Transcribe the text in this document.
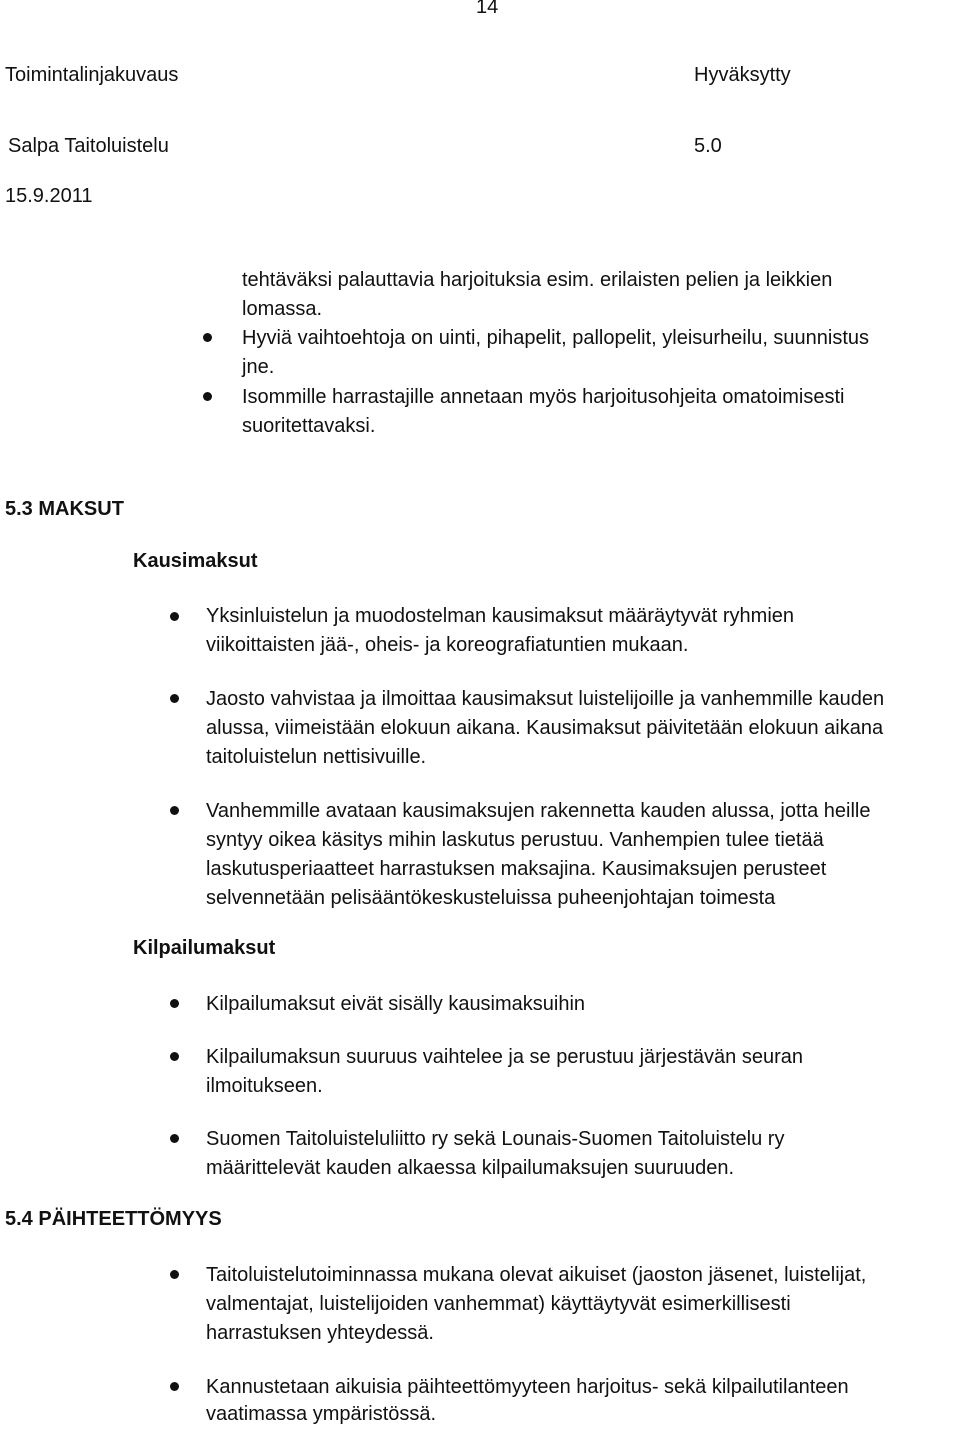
14
Toimintalinjakuvaus	Hyväksytty
Salpa Taitoluistelu	5.0
15.9.2011
tehtäväksi palauttavia harjoituksia esim. erilaisten pelien ja leikkien
lomassa.
Hyviä vaihtoehtoja on uinti, pihapelit, pallopelit, yleisurheilu, suunnistus
jne.
Isommille harrastajille annetaan myös harjoitusohjeita omatoimisesti
suoritettavaksi.
5.3 MAKSUT
Kausimaksut
Yksinluistelun ja muodostelman kausimaksut määräytyvät ryhmien
viikoittaisten jää-, oheis- ja koreografiatuntien mukaan.
Jaosto vahvistaa ja ilmoittaa kausimaksut luistelijoille ja vanhemmille kauden
alussa, viimeistään elokuun aikana. Kausimaksut päivitetään elokuun aikana
taitoluistelun nettisivuille.
Vanhemmille avataan kausimaksujen rakennetta kauden alussa, jotta heille
syntyy oikea käsitys mihin laskutus perustuu. Vanhempien tulee tietää
laskutusperiaatteet harrastuksen maksajina. Kausimaksujen perusteet
selvennetään pelisääntökeskusteluissa puheenjohtajan toimesta
Kilpailumaksut
Kilpailumaksut eivät sisälly kausimaksuihin
Kilpailumaksun suuruus vaihtelee ja se perustuu järjestävän seuran
ilmoitukseen.
Suomen Taitoluisteluliitto ry sekä Lounais-Suomen Taitoluistelu ry
määrittelevät kauden alkaessa kilpailumaksujen suuruuden.
5.4 PÄIHTEETTÖMYYS
Taitoluistelutoiminnassa mukana olevat aikuiset (jaoston jäsenet, luistelijat,
valmentajat, luistelijoiden vanhemmat) käyttäytyvät esimerkillisesti
harrastuksen yhteydessä.
Kannustetaan aikuisia päihteettömyyteen harjoitus- sekä kilpailutilanteen
vaatimassa ympäristössä.
